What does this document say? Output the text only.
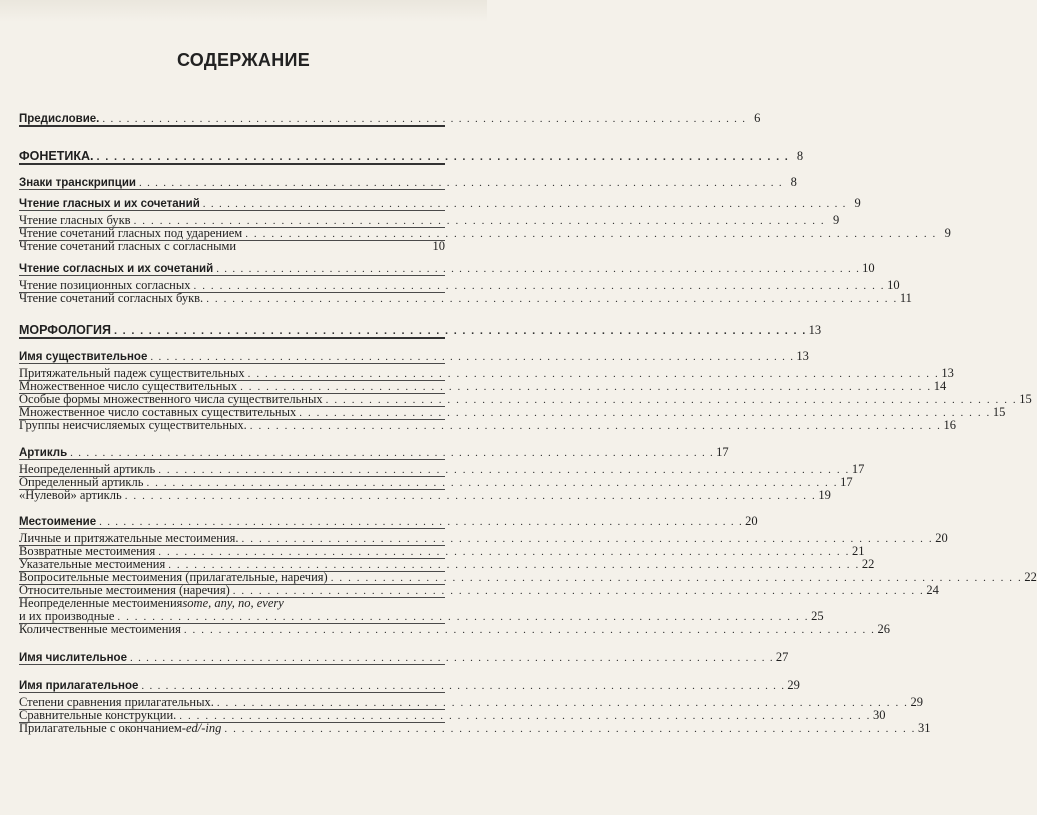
СОДЕРЖАНИЕ
Предисловие. . . . . . . . . . . . . . . . . . . . . . . . . . . . . . . . . . . . . . . . . . . . . . . . . . . . . . . . . . . . . . . . . . . . . . . . . . . . . . . . . 6
ФОНЕТИКА. . . . . . . . . . . . . . . . . . . . . . . . . . . . . . . . . . . . . . . . . . . . . . . . . . . . . . . . . . . . . . . . . . . . . . . . . . . . . . . . . 8
Знаки транскрипции . . . . . . . . . . . . . . . . . . . . . . . . . . . . . . . . . . . . . . . . . . . . . . . . . . . . . . . . . . . . . . . . . . . . . . . . . . . . . . . . 8
Чтение гласных и их сочетаний . . . . . . . . . . . . . . . . . . . . . . . . . . . . . . . . . . . . . . . . . . . . . . . . . . . . . . . . . . . . . . . . . . . . . . . . . . . . . . . . 9
Чтение гласных букв . . . . . . . . . . . . . . . . . . . . . . . . . . . . . . . . . . . . . . . . . . . . . . . . . . . . . . . . . . . . . . . . . . . . . . . . . . . . . . . . 9
Чтение сочетаний гласных под ударением . . . . . . . . . . . . . . . . . . . . . . . . . . . . . . . . . . . . . . . . . . . . . . . . . . . . . . . . . . . . . . . . . . . . . . . . . . . . . . . . 9
Чтение сочетаний гласных с согласными	10
Чтение согласных и их сочетаний . . . . . . . . . . . . . . . . . . . . . . . . . . . . . . . . . . . . . . . . . . . . . . . . . . . . . . . . . . . . . . . . . . . . . . . . . . . . . . . . 10
Чтение позиционных согласных . . . . . . . . . . . . . . . . . . . . . . . . . . . . . . . . . . . . . . . . . . . . . . . . . . . . . . . . . . . . . . . . . . . . . . . . . . . . . . . . 10
Чтение сочетаний согласных букв. . . . . . . . . . . . . . . . . . . . . . . . . . . . . . . . . . . . . . . . . . . . . . . . . . . . . . . . . . . . . . . . . . . . . . . . . . . . . . . . . 11
МОРФОЛОГИЯ . . . . . . . . . . . . . . . . . . . . . . . . . . . . . . . . . . . . . . . . . . . . . . . . . . . . . . . . . . . . . . . . . . . . . . . . . . . . . . . . 13
Имя существительное . . . . . . . . . . . . . . . . . . . . . . . . . . . . . . . . . . . . . . . . . . . . . . . . . . . . . . . . . . . . . . . . . . . . . . . . . . . . . . . . 13
Притяжательный падеж существительных . . . . . . . . . . . . . . . . . . . . . . . . . . . . . . . . . . . . . . . . . . . . . . . . . . . . . . . . . . . . . . . . . . . . . . . . . . . . . . . . 13
Множественное число существительных . . . . . . . . . . . . . . . . . . . . . . . . . . . . . . . . . . . . . . . . . . . . . . . . . . . . . . . . . . . . . . . . . . . . . . . . . . . . . . . . 14
Особые формы множественного числа существительных . . . . . . . . . . . . . . . . . . . . . . . . . . . . . . . . . . . . . . . . . . . . . . . . . . . . . . . . . . . . . . . . . . . . . . . . . . . . . . . . 15
Множественное число составных существительных . . . . . . . . . . . . . . . . . . . . . . . . . . . . . . . . . . . . . . . . . . . . . . . . . . . . . . . . . . . . . . . . . . . . . . . . . . . . . . . . 15
Группы неисчисляемых существительных. . . . . . . . . . . . . . . . . . . . . . . . . . . . . . . . . . . . . . . . . . . . . . . . . . . . . . . . . . . . . . . . . . . . . . . . . . . . . . . . . 16
Артикль . . . . . . . . . . . . . . . . . . . . . . . . . . . . . . . . . . . . . . . . . . . . . . . . . . . . . . . . . . . . . . . . . . . . . . . . . . . . . . . . 17
Неопределенный артикль . . . . . . . . . . . . . . . . . . . . . . . . . . . . . . . . . . . . . . . . . . . . . . . . . . . . . . . . . . . . . . . . . . . . . . . . . . . . . . . . 17
Определенный артикль . . . . . . . . . . . . . . . . . . . . . . . . . . . . . . . . . . . . . . . . . . . . . . . . . . . . . . . . . . . . . . . . . . . . . . . . . . . . . . . . 17
«Нулевой» артикль . . . . . . . . . . . . . . . . . . . . . . . . . . . . . . . . . . . . . . . . . . . . . . . . . . . . . . . . . . . . . . . . . . . . . . . . . . . . . . . . 19
Местоимение . . . . . . . . . . . . . . . . . . . . . . . . . . . . . . . . . . . . . . . . . . . . . . . . . . . . . . . . . . . . . . . . . . . . . . . . . . . . . . . . 20
Личные и притяжательные местоимения. . . . . . . . . . . . . . . . . . . . . . . . . . . . . . . . . . . . . . . . . . . . . . . . . . . . . . . . . . . . . . . . . . . . . . . . . . . . . . . . . 20
Возвратные местоимения . . . . . . . . . . . . . . . . . . . . . . . . . . . . . . . . . . . . . . . . . . . . . . . . . . . . . . . . . . . . . . . . . . . . . . . . . . . . . . . . 21
Указательные местоимения . . . . . . . . . . . . . . . . . . . . . . . . . . . . . . . . . . . . . . . . . . . . . . . . . . . . . . . . . . . . . . . . . . . . . . . . . . . . . . . . 22
Вопросительные местоимения (прилагательные, наречия) . . . . . . . . . . . . . . . . . . . . . . . . . . . . . . . . . . . . . . . . . . . . . . . . . . . . . . . . . . . . . . . . . . . . . . . . . . . . . . . . 22
Относительные местоимения (наречия) . . . . . . . . . . . . . . . . . . . . . . . . . . . . . . . . . . . . . . . . . . . . . . . . . . . . . . . . . . . . . . . . . . . . . . . . . . . . . . . . 24
Неопределенные местоимения some, any, no, every
и их производные . . . . . . . . . . . . . . . . . . . . . . . . . . . . . . . . . . . . . . . . . . . . . . . . . . . . . . . . . . . . . . . . . . . . . . . . . . . . . . . . 25
Количественные местоимения . . . . . . . . . . . . . . . . . . . . . . . . . . . . . . . . . . . . . . . . . . . . . . . . . . . . . . . . . . . . . . . . . . . . . . . . . . . . . . . . 26
Имя числительное . . . . . . . . . . . . . . . . . . . . . . . . . . . . . . . . . . . . . . . . . . . . . . . . . . . . . . . . . . . . . . . . . . . . . . . . . . . . . . . . 27
Имя прилагательное . . . . . . . . . . . . . . . . . . . . . . . . . . . . . . . . . . . . . . . . . . . . . . . . . . . . . . . . . . . . . . . . . . . . . . . . . . . . . . . . 29
Степени сравнения прилагательных. . . . . . . . . . . . . . . . . . . . . . . . . . . . . . . . . . . . . . . . . . . . . . . . . . . . . . . . . . . . . . . . . . . . . . . . . . . . . . . . . 29
Сравнительные конструкции. . . . . . . . . . . . . . . . . . . . . . . . . . . . . . . . . . . . . . . . . . . . . . . . . . . . . . . . . . . . . . . . . . . . . . . . . . . . . . . . . 30
Прилагательные с окончанием -ed/-ing . . . . . . . . . . . . . . . . . . . . . . . . . . . . . . . . . . . . . . . . . . . . . . . . . . . . . . . . . . . . . . . . . . . . . . . . . . . . . . . . 31
